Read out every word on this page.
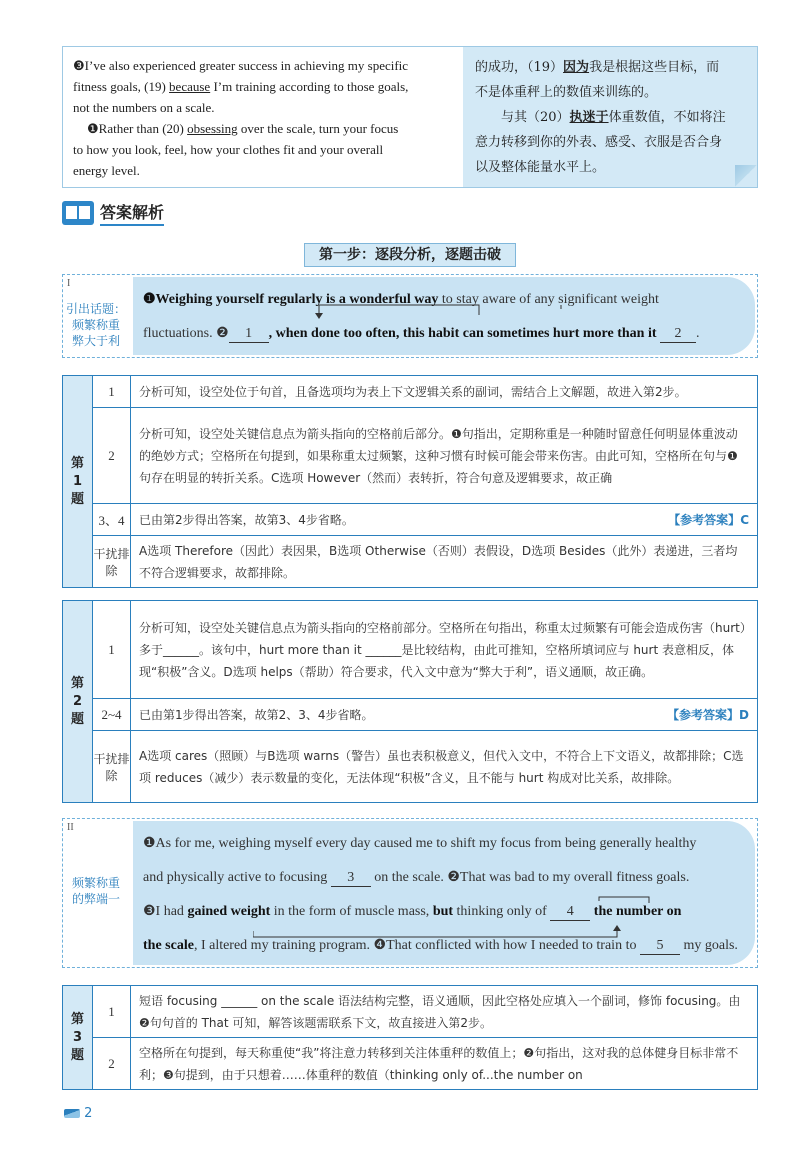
❸I’ve also experienced greater success in achieving my specific

fitness goals, (19) because I’m training according to those goals,

not the numbers on a scale.

❶Rather than (20) obsessing over the scale, turn your focus

to how you look, feel, how your clothes fit and your overall

energy level.

的成功，（19）因为我是根据这些目标，而
不是体重秤上的数值来训练的。
与其（20）执迷于体重数值，不如将注
意力转移到你的外表、感受、衣服是否合身
以及整体能量水平上。
答案解析
第一步：逐段分析，逐题击破
I
引出话题：
频繁称重
弊大于利
❶Weighing yourself regularly is a wonderful way to stay aware of any significant weight
fluctuations. ❷ 1 , when done too often, this habit can sometimes hurt more than it 2 .
第
1
题	1	分析可知，设空处位于句首，且备选项均为表上下文逻辑关系的副词，需结合上文解题，故进入第2步。
	2	分析可知，设空处关键信息点为箭头指向的空格前后部分。❶句指出，定期称重是一种随时留意任何明显体重波动的绝妙方式；空格所在句提到，如果称重太过频繁，这种习惯有时候可能会带来伤害。由此可知，空格所在句与❶句存在明显的转折关系。C选项 However（然而）表转折，符合句意及逻辑要求，故正确
	3、4	已由第2步得出答案，故第3、4步省略。 【参考答案】C

	干扰排除	A选项 Therefore（因此）表因果，B选项 Otherwise（否则）表假设，D选项 Besides（此外）表递进，三者均不符合逻辑要求，故都排除。
第
2
题	1	分析可知，设空处关键信息点为箭头指向的空格前部分。空格所在句指出，称重太过频繁有可能会造成伤害（hurt）多于______。该句中，hurt more than it ______是比较结构，由此可推知，空格所填词应与 hurt 表意相反，体现“积极”含义。D选项 helps（帮助）符合要求，代入文中意为“弊大于利”，语义通顺，故正确。
	2~4	已由第1步得出答案，故第2、3、4步省略。 【参考答案】D

	干扰排除	A选项 cares（照顾）与B选项 warns（警告）虽也表积极意义，但代入文中，不符合上下文语义，故都排除；C选项 reduces（减少）表示数量的变化，无法体现“积极”含义，且不能与 hurt 构成对比关系，故排除。
II
频繁称重
的弊端一
❶As for me, weighing myself every day caused me to shift my focus from being generally healthy
and physically active to focusing 3 on the scale. ❷That was bad to my overall fitness goals.
❸I had gained weight in the form of muscle mass, but thinking only of 4 the number on
the scale, I altered my training program. ❹That conflicted with how I needed to train to 5 my goals.
第
3
题	1	短语 focusing ______ on the scale 语法结构完整，语义通顺，因此空格处应填入一个副词，修饰 focusing。由❷句句首的 That 可知，解答该题需联系下文，故直接进入第2步。
	2	空格所在句提到，每天称重使“我”将注意力转移到关注体重秤的数值上；❷句指出，这对我的总体健身目标非常不利；❸句提到，由于只想着……体重秤的数值（thinking only of...the number on
2
